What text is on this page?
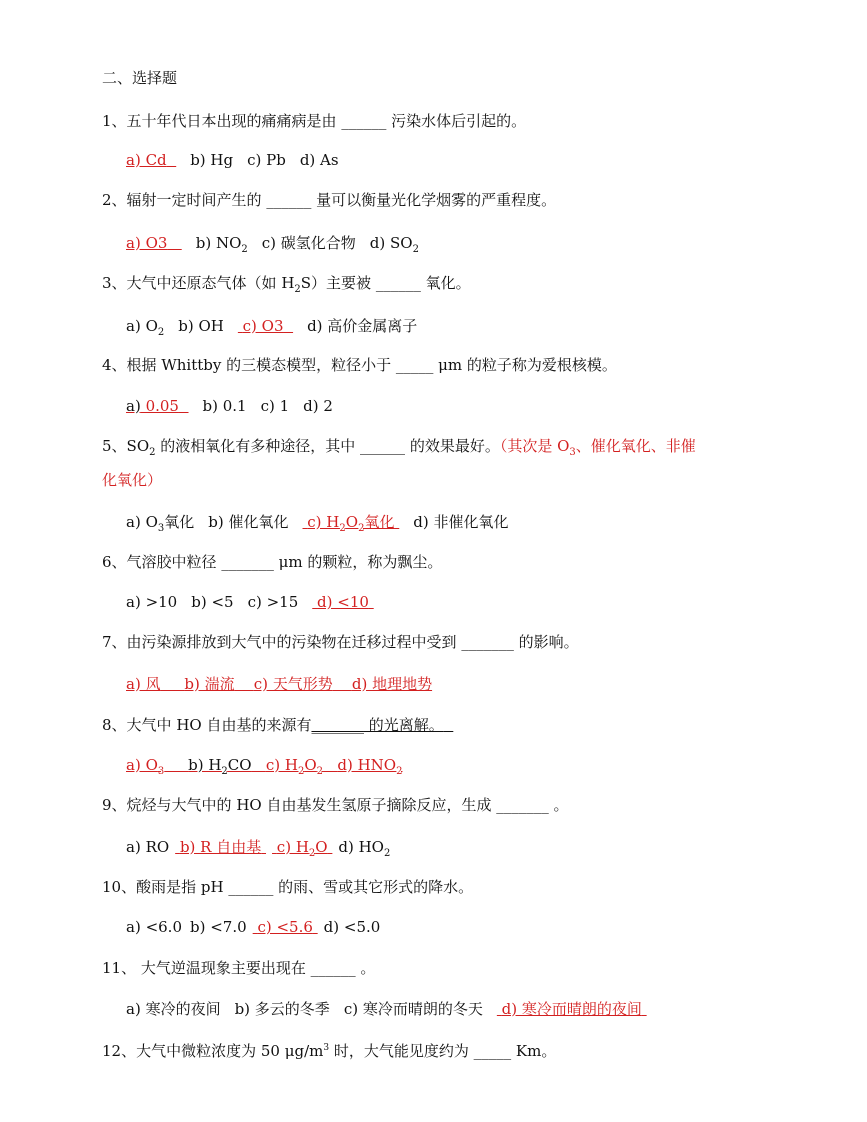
二、选择题
1、五十年代日本出现的痛痛病是由 ______ 污染水体后引起的。
a) Cd b) Hg c) Pb d) As
2、辐射一定时间产生的 ______ 量可以衡量光化学烟雾的严重程度。
a) O3 b) $NO_2$ c) 碳氢化合物 d) $SO_2$
3、大气中还原态气体（如 $H_2S$）主要被 ______ 氧化。
a) $O_2$ b) OH c) O3 d) 高价金属离子
4、根据 Whittby 的三模态模型，粒径小于 _____ μm 的粒子称为爱根核模。
a) 0.05 b) 0.1 c) 1 d) 2
5、$SO_2$ 的液相氧化有多种途径，其中 ______ 的效果最好。（其次是 $O_3$、催化氧化、非催
化氧化）
a) $O_3$氧化 b) 催化氧化 c) $H_2O_2$氧化 d) 非催化氧化
6、气溶胶中粒径 _______ μm 的颗粒，称为飘尘。
a) >10 b) <5 c) >15 d) <10
7、由污染源排放到大气中的污染物在迁移过程中受到 _______ 的影响。
a) 风 b) 湍流 c) 天气形势 d) 地理地势
8、大气中 HO 自由基的来源有_______ 的光离解。
a) $O_3$ b) $H_2CO$ c) $H_2O_2$ d) $HNO_2$
9、烷烃与大气中的 HO 自由基发生氢原子摘除反应，生成 _______ 。
a) RO b) R 自由基 c) $H_2O$ d) $HO_2$
10、酸雨是指 pH ______ 的雨、雪或其它形式的降水。
a) <6.0 b) <7.0 c) <5.6 d) <5.0
11、 大气逆温现象主要出现在 ______ 。
a) 寒冷的夜间 b) 多云的冬季 c) 寒冷而晴朗的冬天 d) 寒冷而晴朗的夜间
12、大气中微粒浓度为 50 $\mu g/m^3$ 时，大气能见度约为 _____ Km。
